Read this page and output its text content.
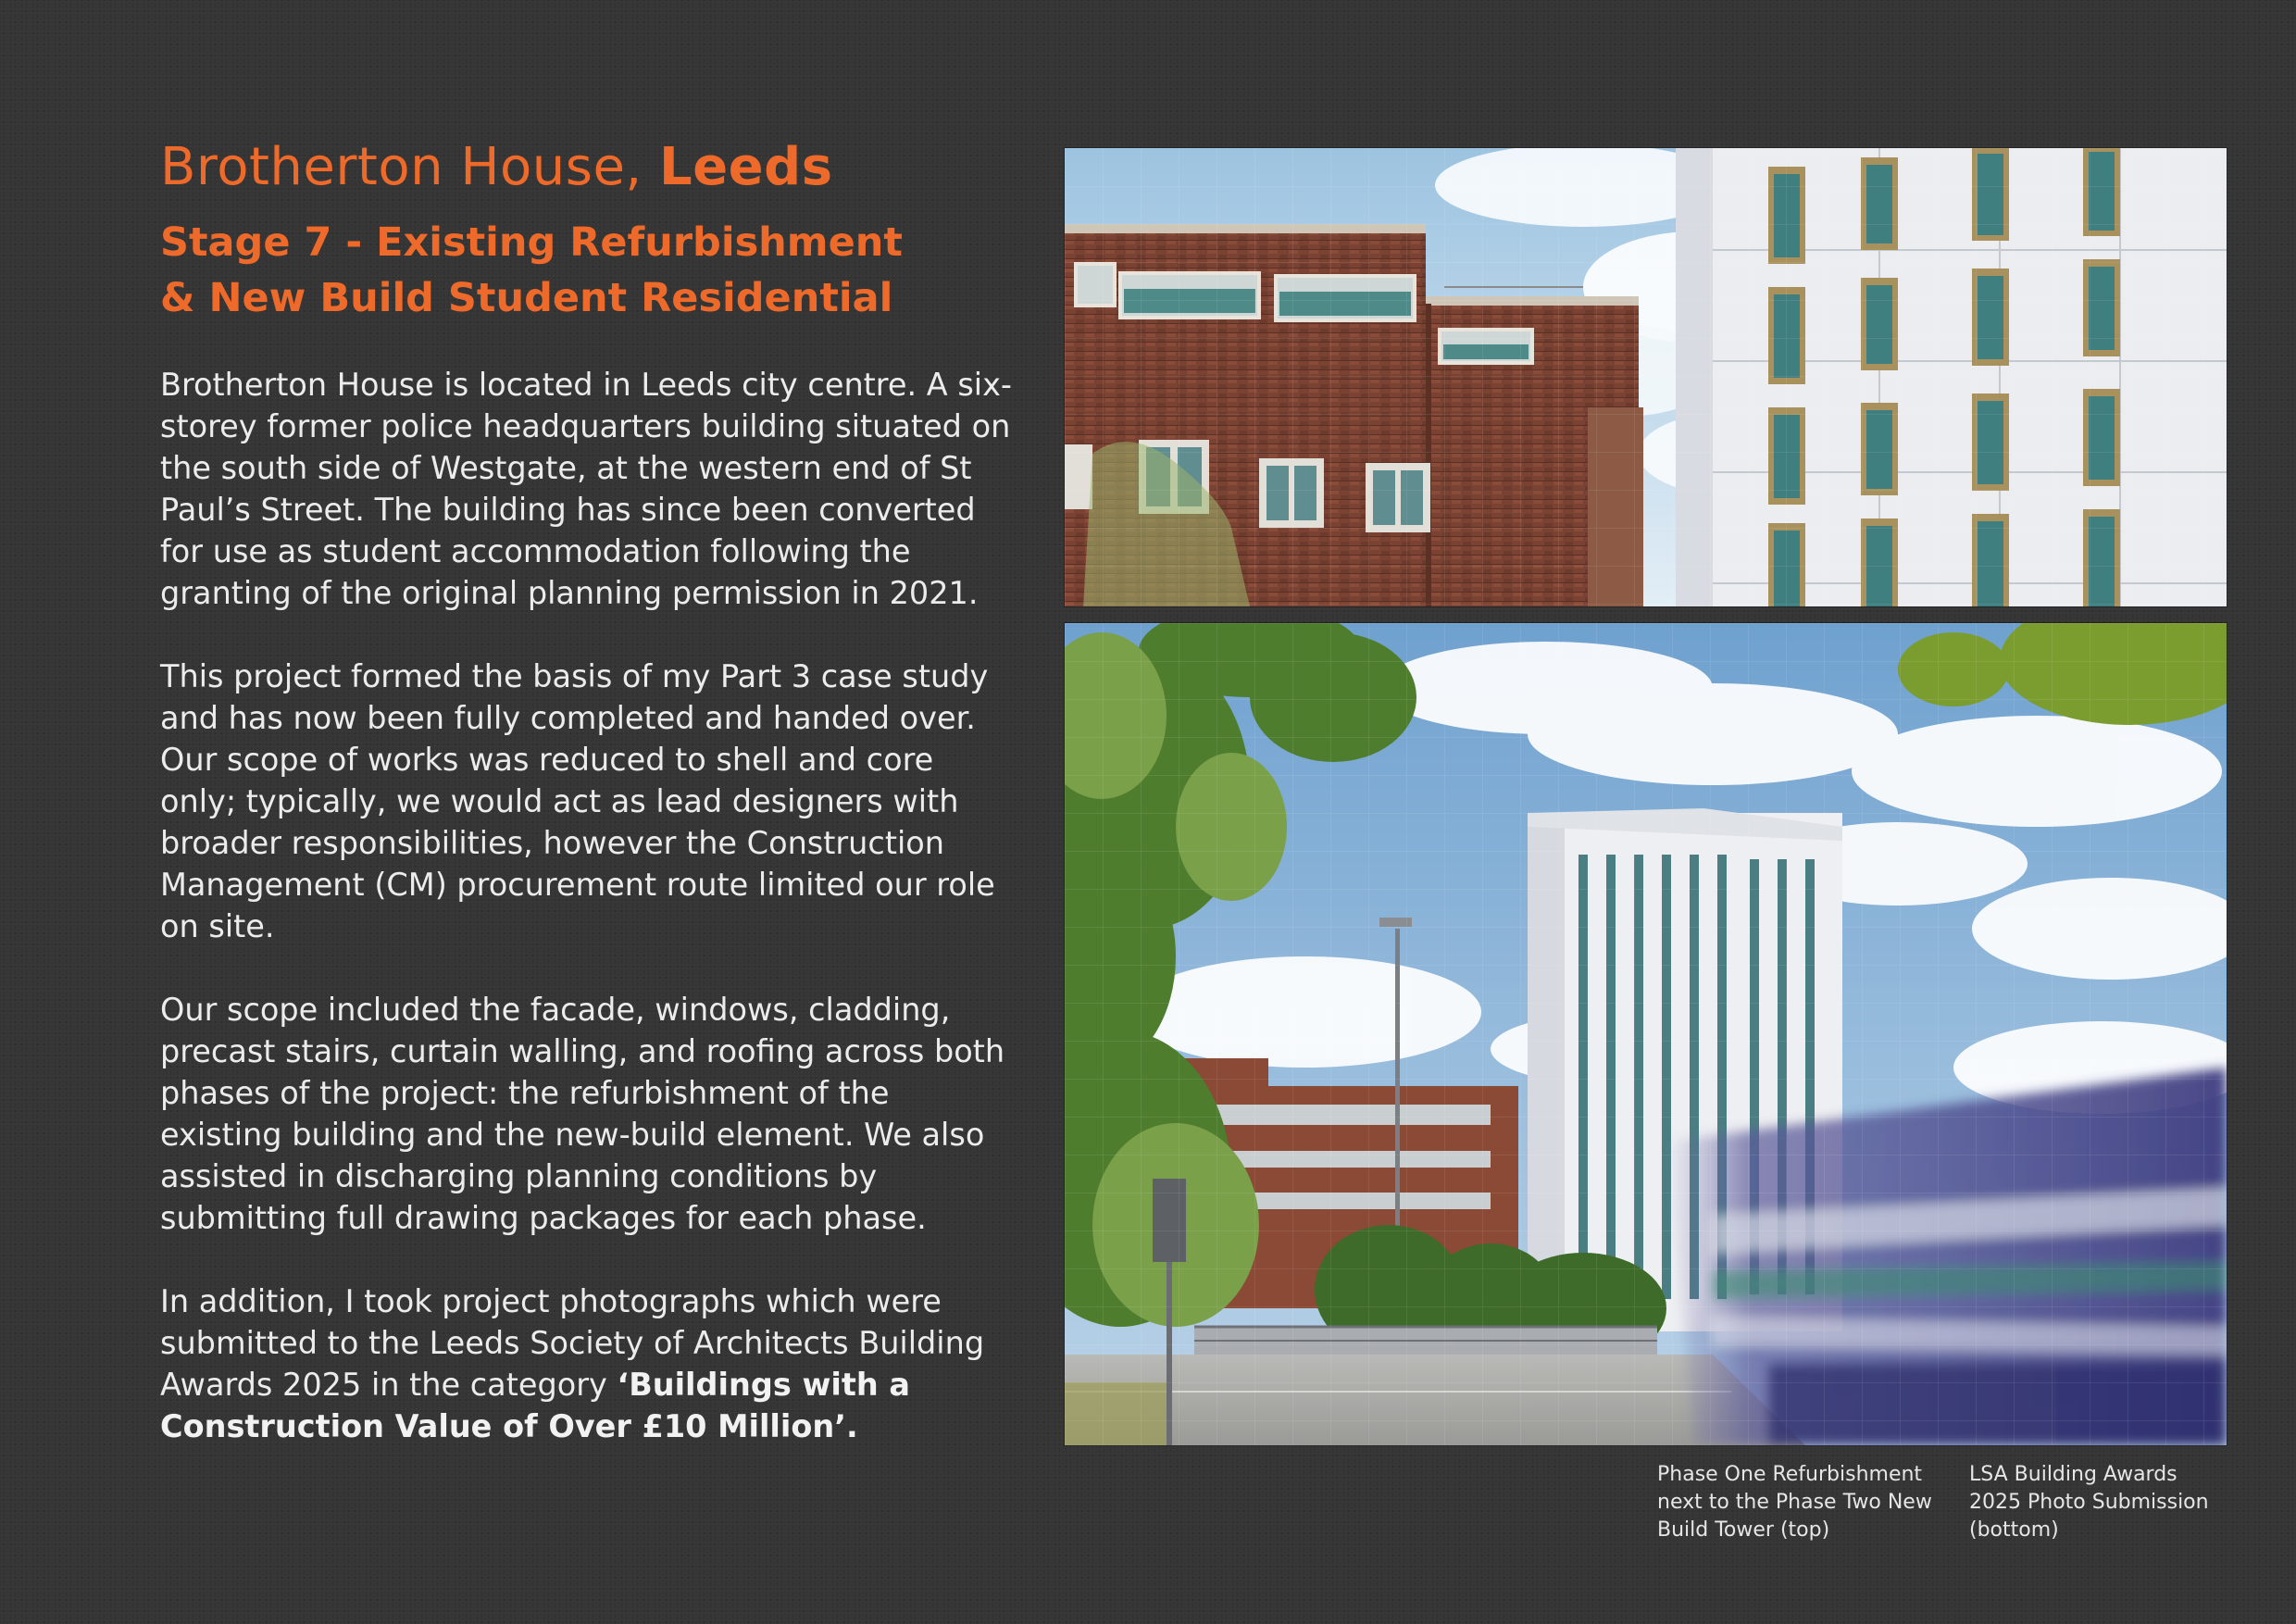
Brotherton House, Leeds
Stage 7 - Existing Refurbishment
& New Build Student Residential

Brotherton House is located in Leeds city centre. A six-storey former police headquarters building situated on the south side of Westgate, at the western end of St Paul’s Street. The building has since been converted for use as student accommodation following the granting of the original planning permission in 2021.

This project formed the basis of my Part 3 case study and has now been fully completed and handed over. Our scope of works was reduced to shell and core only; typically, we would act as lead designers with broader responsibilities, however the Construction Management (CM) procurement route limited our role on site.

Our scope included the facade, windows, cladding, precast stairs, curtain walling, and roofing across both phases of the project: the refurbishment of the existing building and the new-build element. We also assisted in discharging planning conditions by submitting full drawing packages for each phase.

In addition, I took project photographs which were submitted to the Leeds Society of Architects Building Awards 2025 in the category ‘Buildings with a Construction Value of Over £10 Million’.

Phase One Refurbishment next to the Phase Two New Build Tower (top)
LSA Building Awards 2025 Photo Submission (bottom)
